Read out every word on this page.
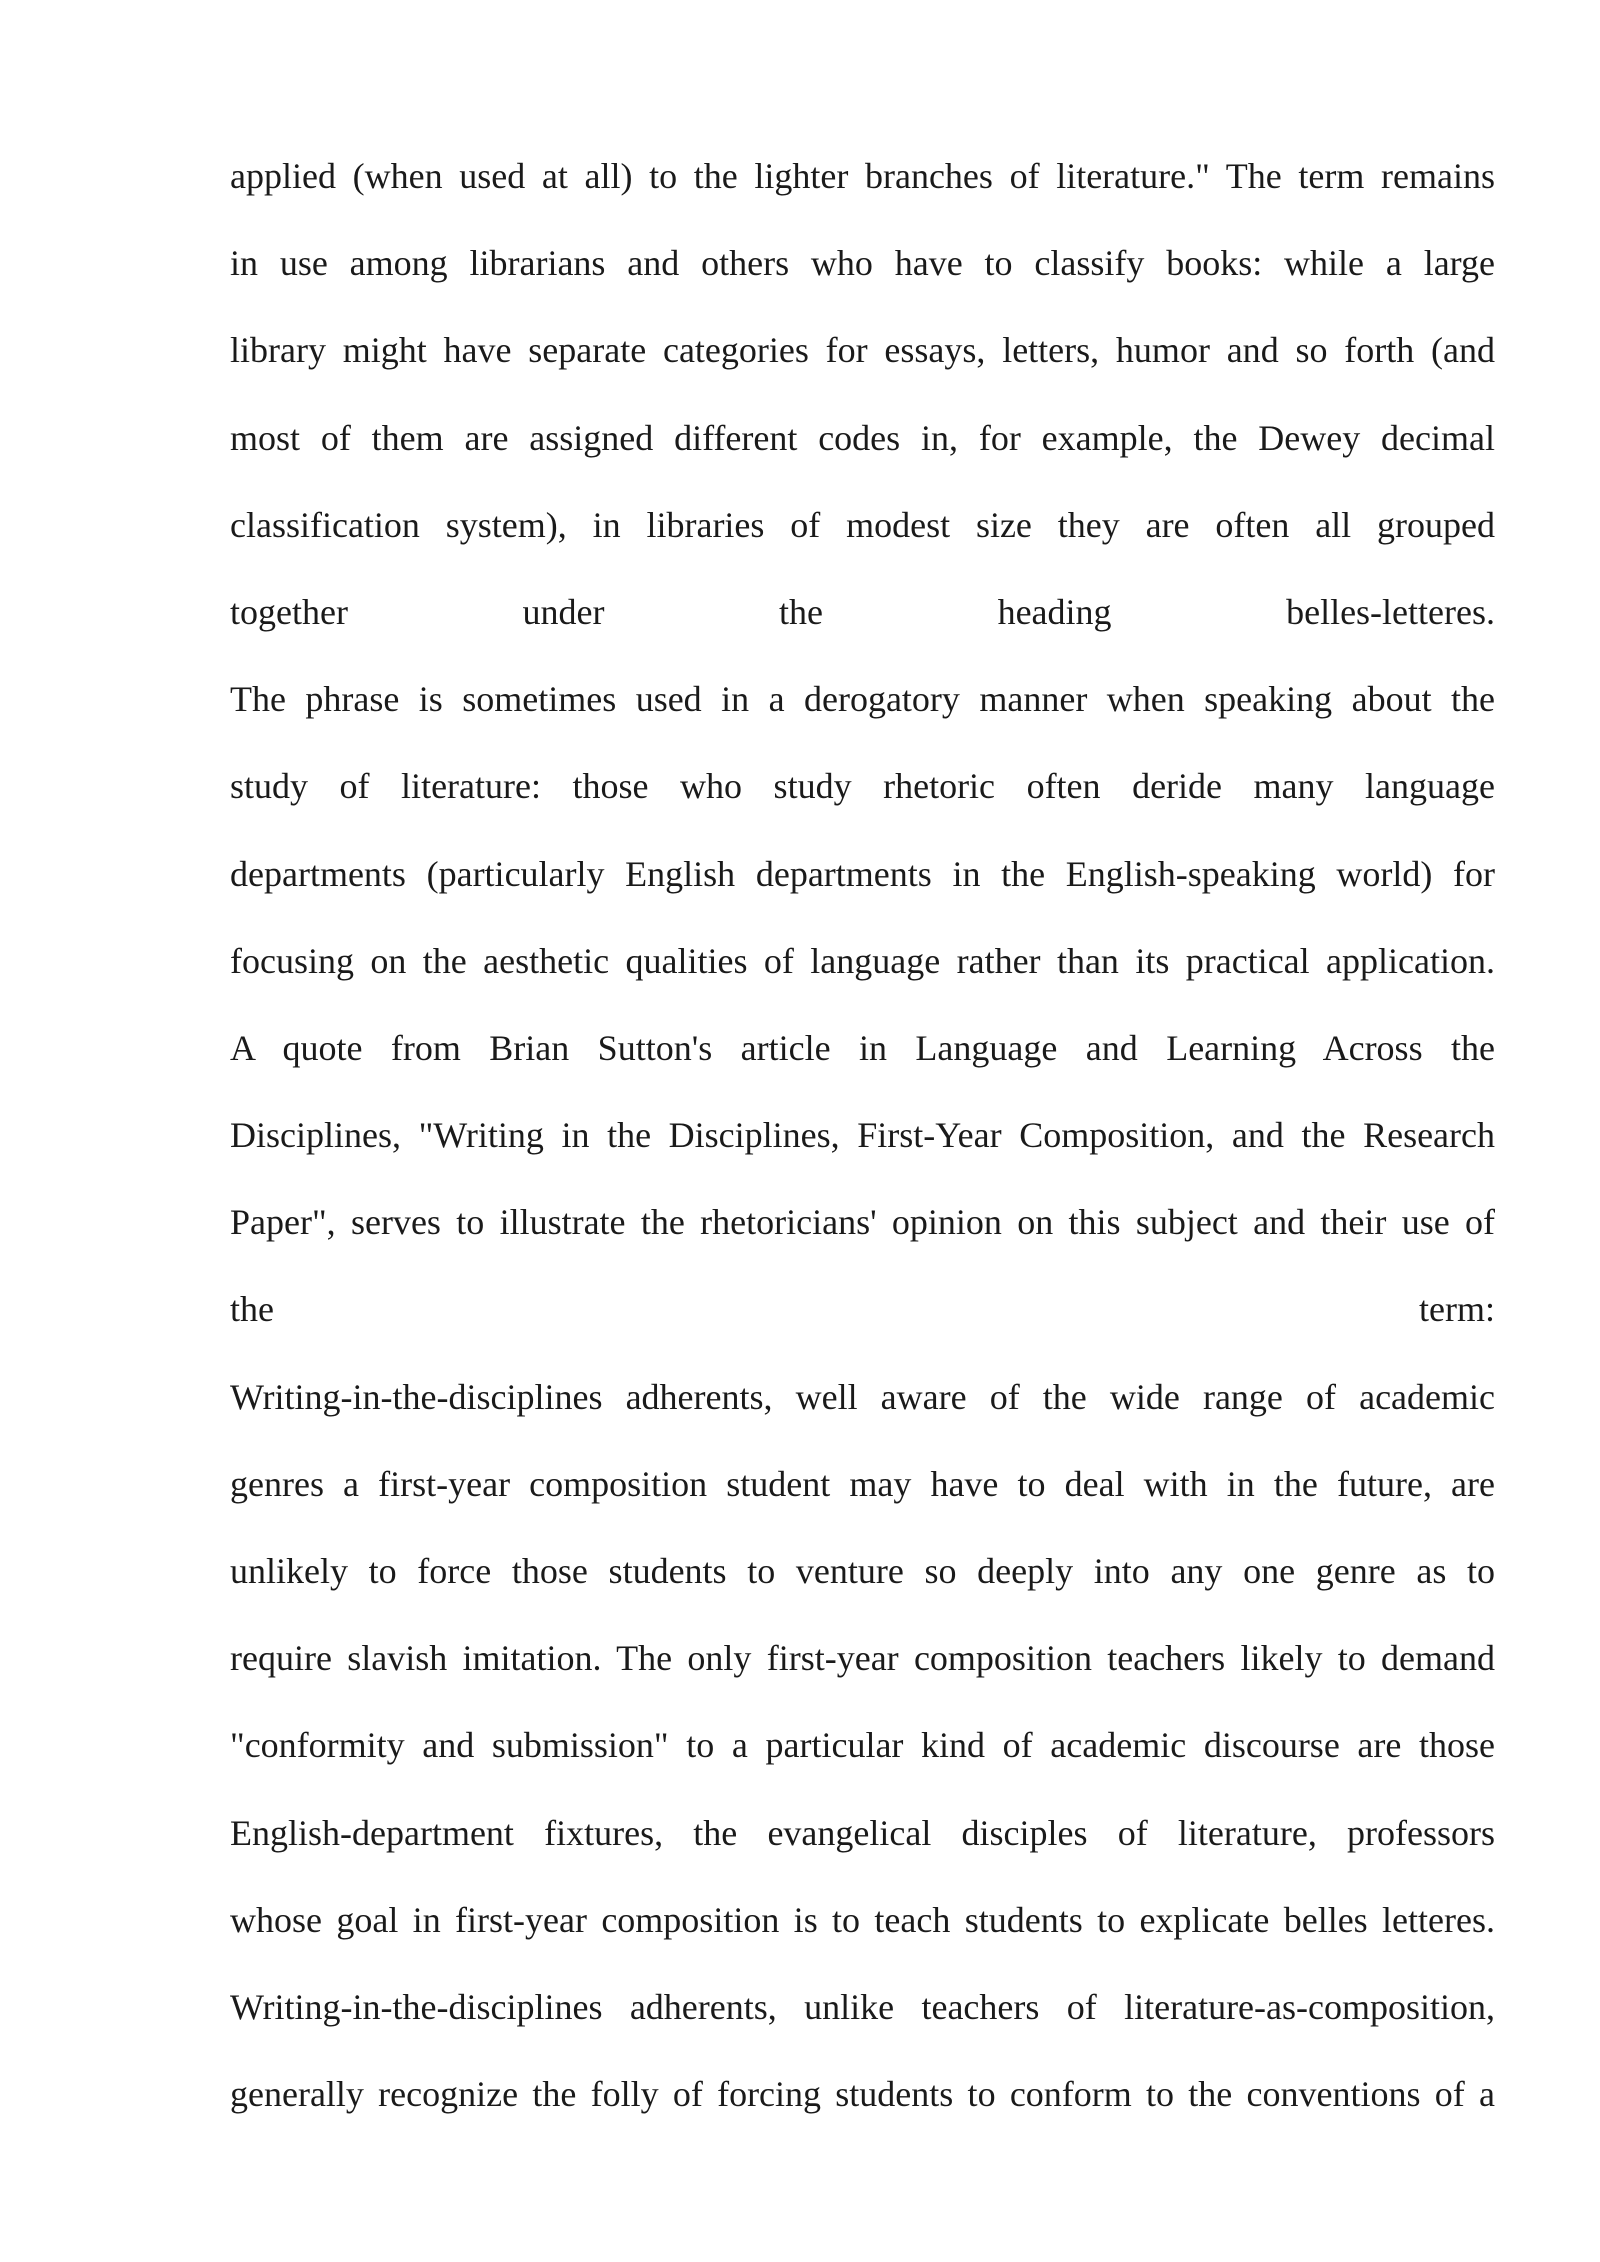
applied (when used at all) to the lighter branches of literature." The term remains
in use among librarians and others who have to classify books: while a large
library might have separate categories for essays, letters, humor and so forth (and
most of them are assigned different codes in, for example, the Dewey decimal
classification system), in libraries of modest size they are often all grouped
together under the heading belles-letteres.
The phrase is sometimes used in a derogatory manner when speaking about the
study of literature: those who study rhetoric often deride many language
departments (particularly English departments in the English-speaking world) for
focusing on the aesthetic qualities of language rather than its practical application.
A quote from Brian Sutton's article in Language and Learning Across the
Disciplines, "Writing in the Disciplines, First-Year Composition, and the Research
Paper", serves to illustrate the rhetoricians' opinion on this subject and their use of
the term:
Writing-in-the-disciplines adherents, well aware of the wide range of academic
genres a first-year composition student may have to deal with in the future, are
unlikely to force those students to venture so deeply into any one genre as to
require slavish imitation. The only first-year composition teachers likely to demand
"conformity and submission" to a particular kind of academic discourse are those
English-department fixtures, the evangelical disciples of literature, professors
whose goal in first-year composition is to teach students to explicate belles letteres.
Writing-in-the-disciplines adherents, unlike teachers of literature-as-composition,
generally recognize the folly of forcing students to conform to the conventions of a
